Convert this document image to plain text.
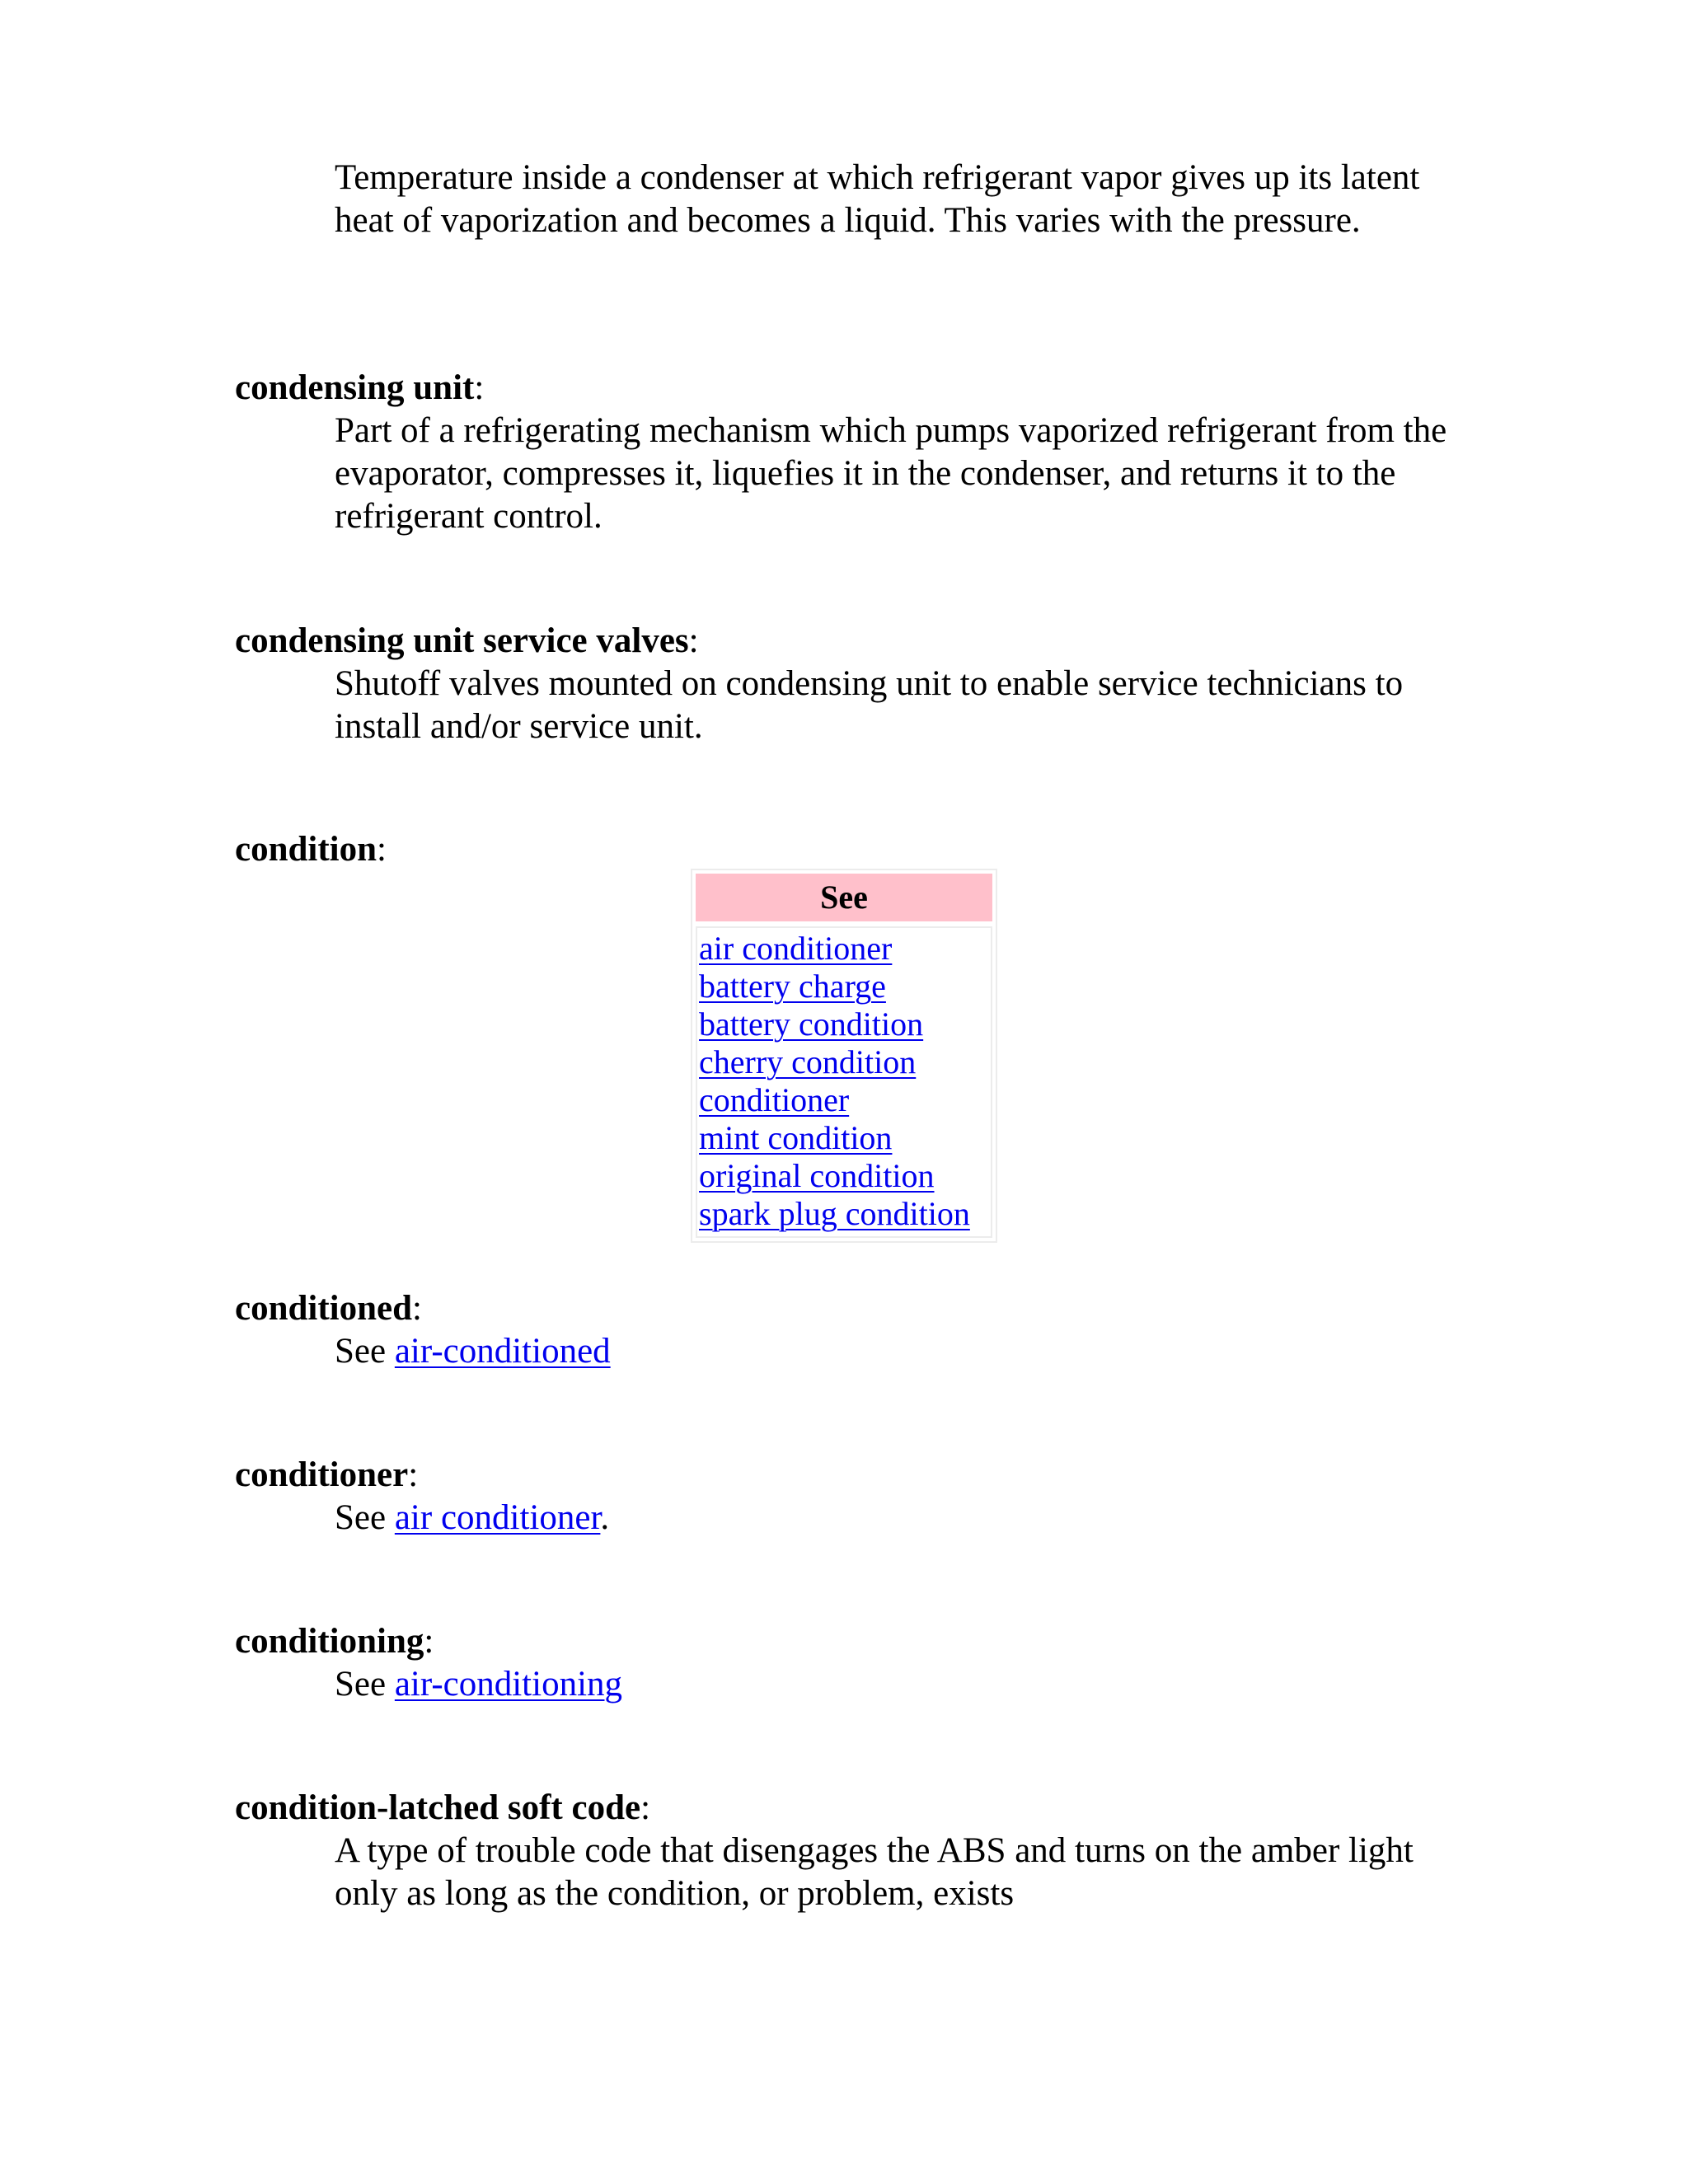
Temperature inside a condenser at which refrigerant vapor gives up its latent heat of vaporization and becomes a liquid. This varies with the pressure.
condensing unit:
Part of a refrigerating mechanism which pumps vaporized refrigerant from the evaporator, compresses it, liquefies it in the condenser, and returns it to the refrigerant control.
condensing unit service valves:
Shutoff valves mounted on condensing unit to enable service technicians to install and/or service unit.
condition:
See
air conditioner
battery charge
battery condition
cherry condition
conditioner
mint condition
original condition
spark plug condition
conditioned:
See air-conditioned
conditioner:
See air conditioner.
conditioning:
See air-conditioning
condition-latched soft code:
A type of trouble code that disengages the ABS and turns on the amber light only as long as the condition, or problem, exists
